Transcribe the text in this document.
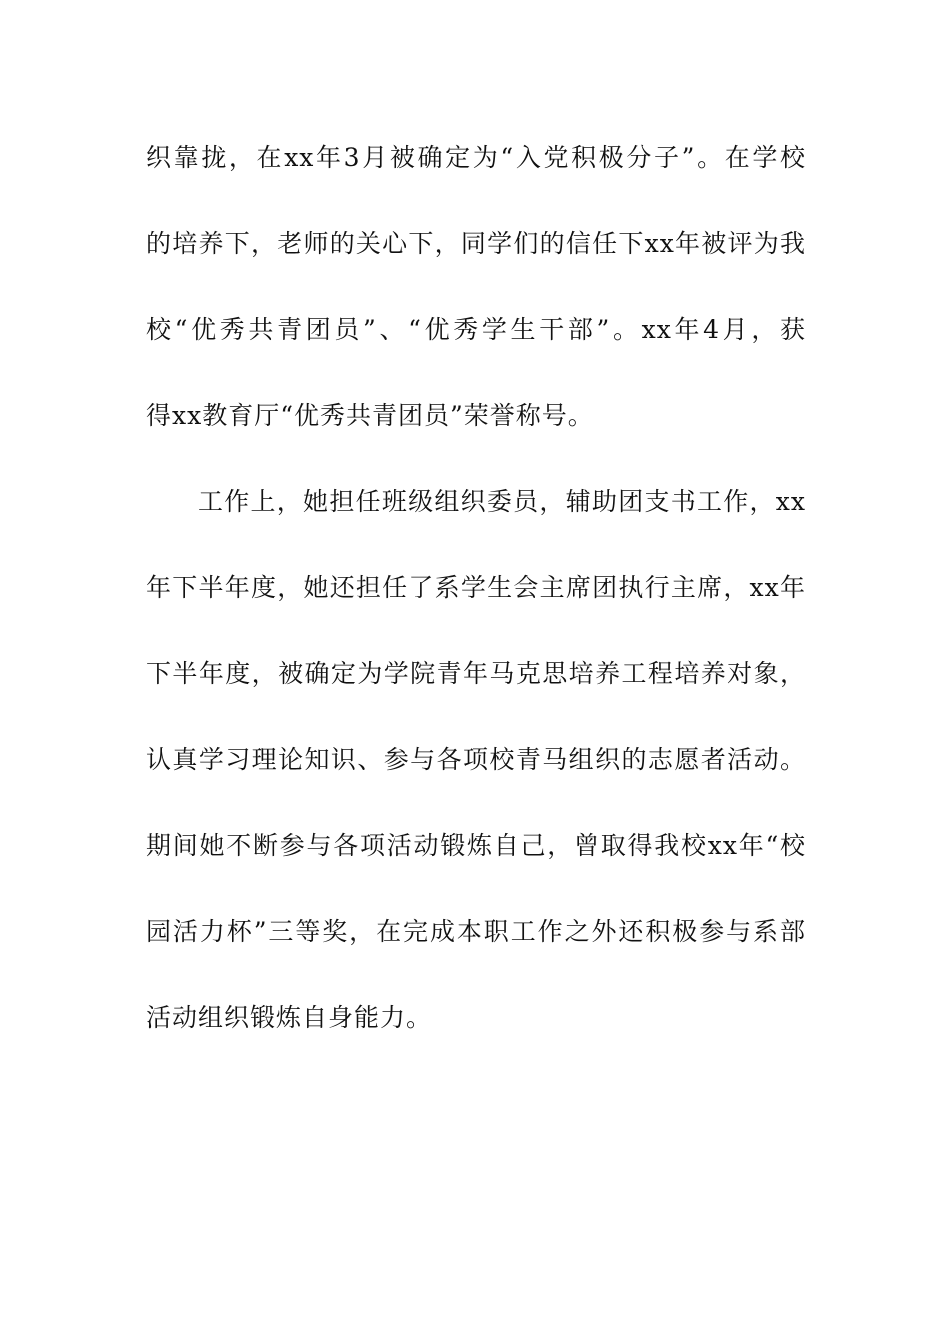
织靠拢，在xx年3月被确定为“入党积极分子”。在学校
的培养下，老师的关心下，同学们的信任下xx年被评为我
校“优秀共青团员”、“优秀学生干部”。xx年4月，获
得xx教育厅“优秀共青团员”荣誉称号。
工作上，她担任班级组织委员，辅助团支书工作，xx
年下半年度，她还担任了系学生会主席团执行主席，xx年
下半年度，被确定为学院青年马克思培养工程培养对象，
认真学习理论知识、参与各项校青马组织的志愿者活动。
期间她不断参与各项活动锻炼自己，曾取得我校xx年“校
园活力杯”三等奖，在完成本职工作之外还积极参与系部
活动组织锻炼自身能力。
